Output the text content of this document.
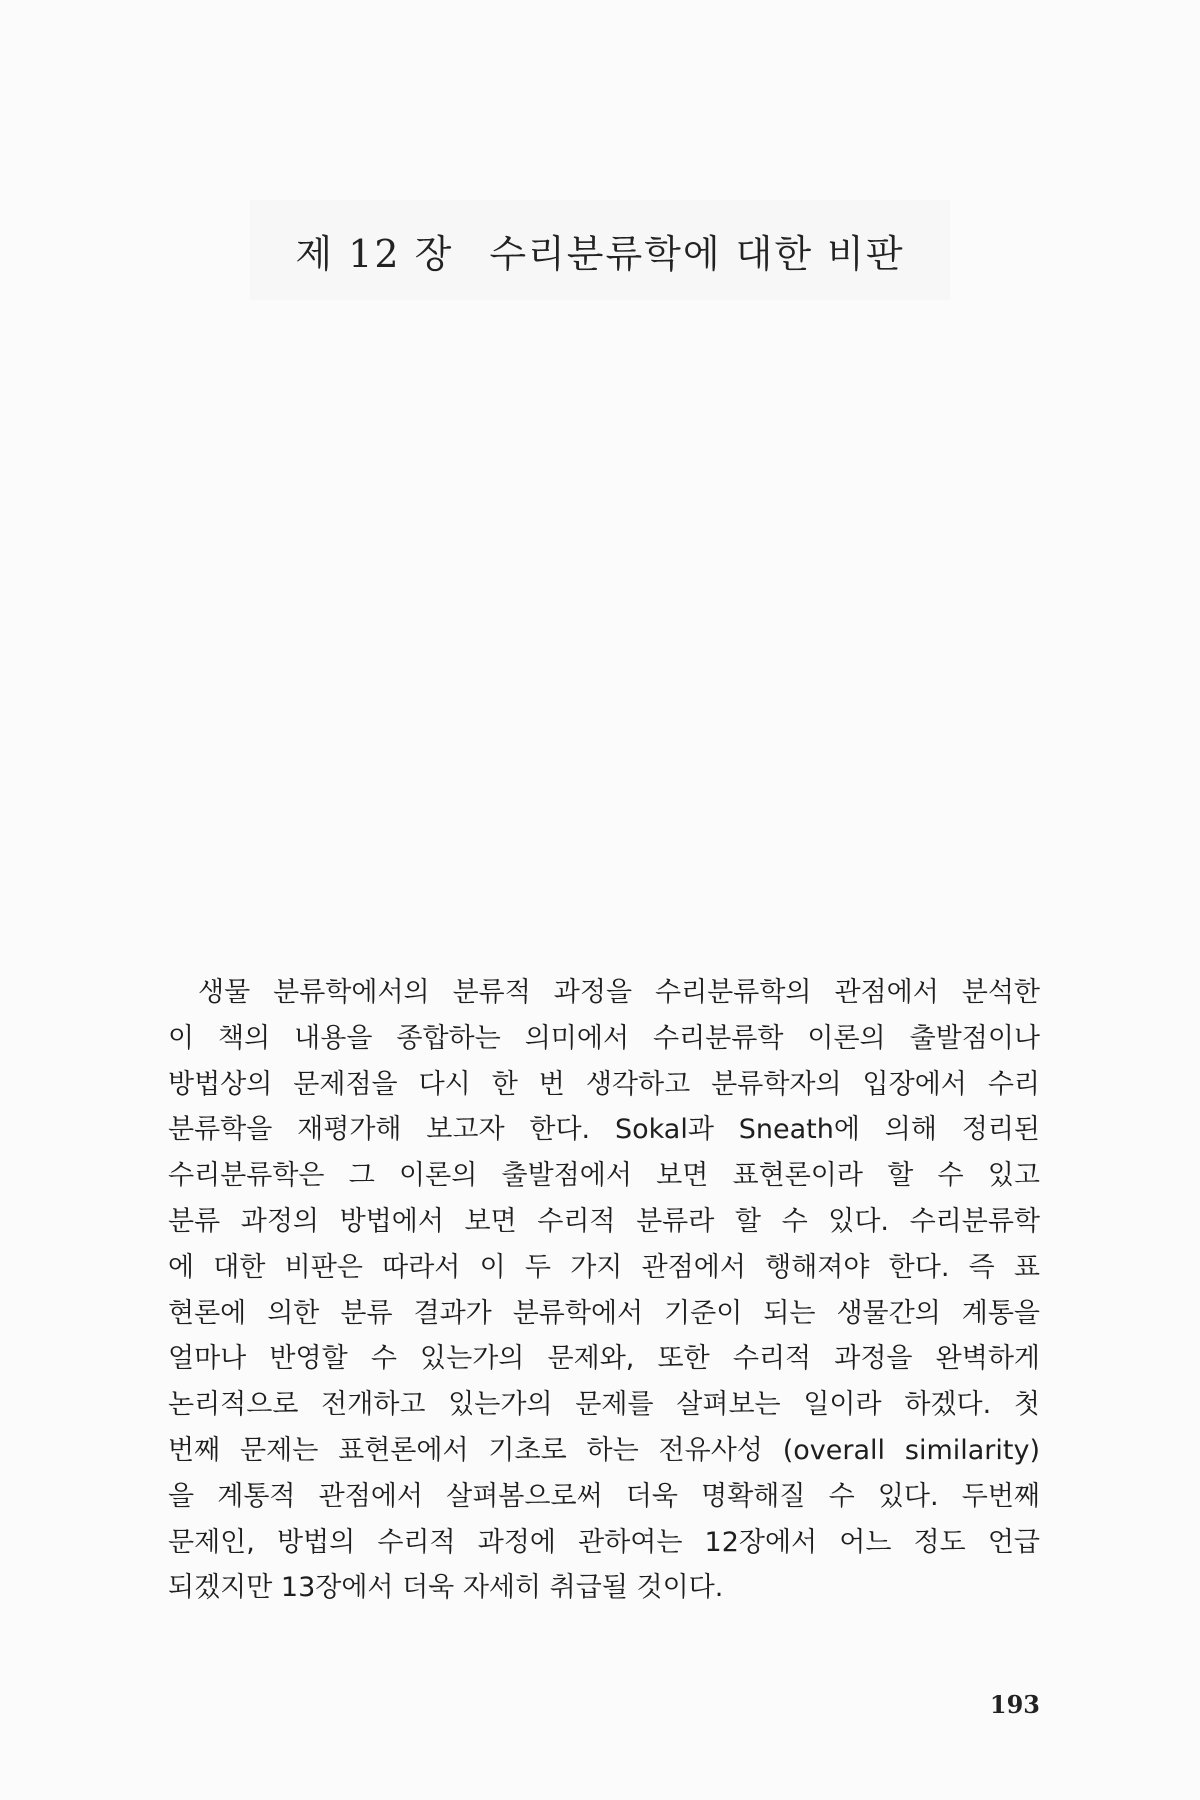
제 12 장 수리분류학에 대한 비판

생물 분류학에서의 분류적 과정을 수리분류학의 관점에서 분석한
이 책의 내용을 종합하는 의미에서 수리분류학 이론의 출발점이나
방법상의 문제점을 다시 한 번 생각하고 분류학자의 입장에서 수리
분류학을 재평가해 보고자 한다. Sokal과 Sneath에 의해 정리된
수리분류학은 그 이론의 출발점에서 보면 표현론이라 할 수 있고
분류 과정의 방법에서 보면 수리적 분류라 할 수 있다. 수리분류학
에 대한 비판은 따라서 이 두 가지 관점에서 행해져야 한다. 즉 표
현론에 의한 분류 결과가 분류학에서 기준이 되는 생물간의 계통을
얼마나 반영할 수 있는가의 문제와, 또한 수리적 과정을 완벽하게
논리적으로 전개하고 있는가의 문제를 살펴보는 일이라 하겠다. 첫
번째 문제는 표현론에서 기초로 하는 전유사성 (overall similarity)
을 계통적 관점에서 살펴봄으로써 더욱 명확해질 수 있다. 두번째
문제인, 방법의 수리적 과정에 관하여는 12장에서 어느 정도 언급
되겠지만 13장에서 더욱 자세히 취급될 것이다.

193
